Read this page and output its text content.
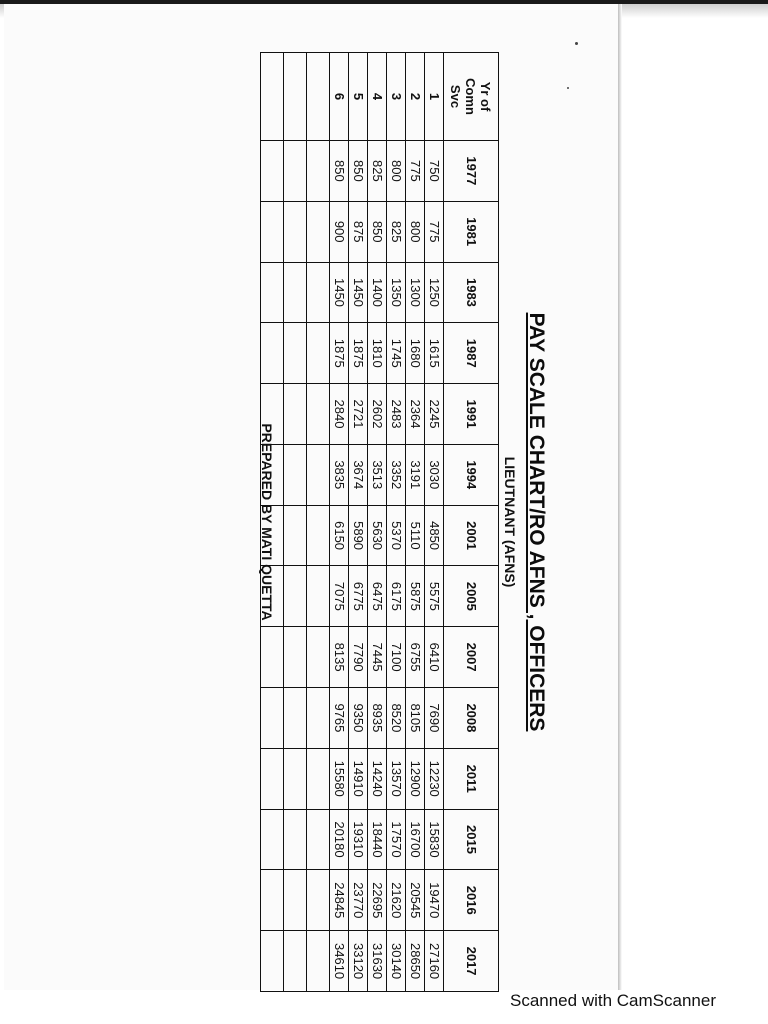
PAY SCALE CHART/RO AFNS , OFFICERS
LIEUTNANT (AFNS)
Yr of
Comn
Svc	1977	1981	1983	1987	1991	1994	2001	2005	2007	2008	2011	2015	2016	2017
1	750	775	1250	1615	2245	3030	4850	5575	6410	7690	12230	15830	19470	27160
2	775	800	1300	1680	2364	3191	5110	5875	6755	8105	12900	16700	20545	28650
3	800	825	1350	1745	2483	3352	5370	6175	7100	8520	13570	17570	21620	30140
4	825	850	1400	1810	2602	3513	5630	6475	7445	8935	14240	18440	22695	31630
5	850	875	1450	1875	2721	3674	5890	6775	7790	9350	14910	19310	23770	33120
6	850	900	1450	1875	2840	3835	6150	7075	8135	9765	15580	20180	24845	34610

PREPARED BY MATI QUETTA
Scanned with CamScanner
